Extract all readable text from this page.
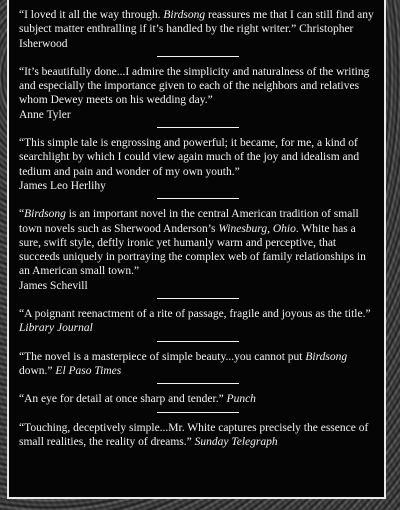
“I loved it all the way through. Birdsong reassures me that I can still find any subject matter enthralling if it’s handled by the right writer.” Christopher Isherwood

“It’s beautifully done...I admire the simplicity and naturalness of the writing and especially the importance given to each of the neighbors and relatives whom Dewey meets on his wedding day.”
Anne Tyler

“This simple tale is engrossing and powerful; it became, for me, a kind of searchlight by which I could view again much of the joy and idealism and tedium and pain and wonder of my own youth.”
James Leo Herlihy

“Birdsong is an important novel in the central American tradition of small town novels such as Sherwood Anderson’s Winesburg, Ohio. White has a sure, swift style, deftly ironic yet humanly warm and perceptive, that succeeds uniquely in portraying the complex web of family relationships in an American small town.”
James Schevill

“A poignant reenactment of a rite of passage, fragile and joyous as the title.” Library Journal

“The novel is a masterpiece of simple beauty...you cannot put Birdsong down.” El Paso Times

“An eye for detail at once sharp and tender.” Punch

“Touching, deceptively simple...Mr. White captures precisely the essence of small realities, the reality of dreams.” Sunday Telegraph
